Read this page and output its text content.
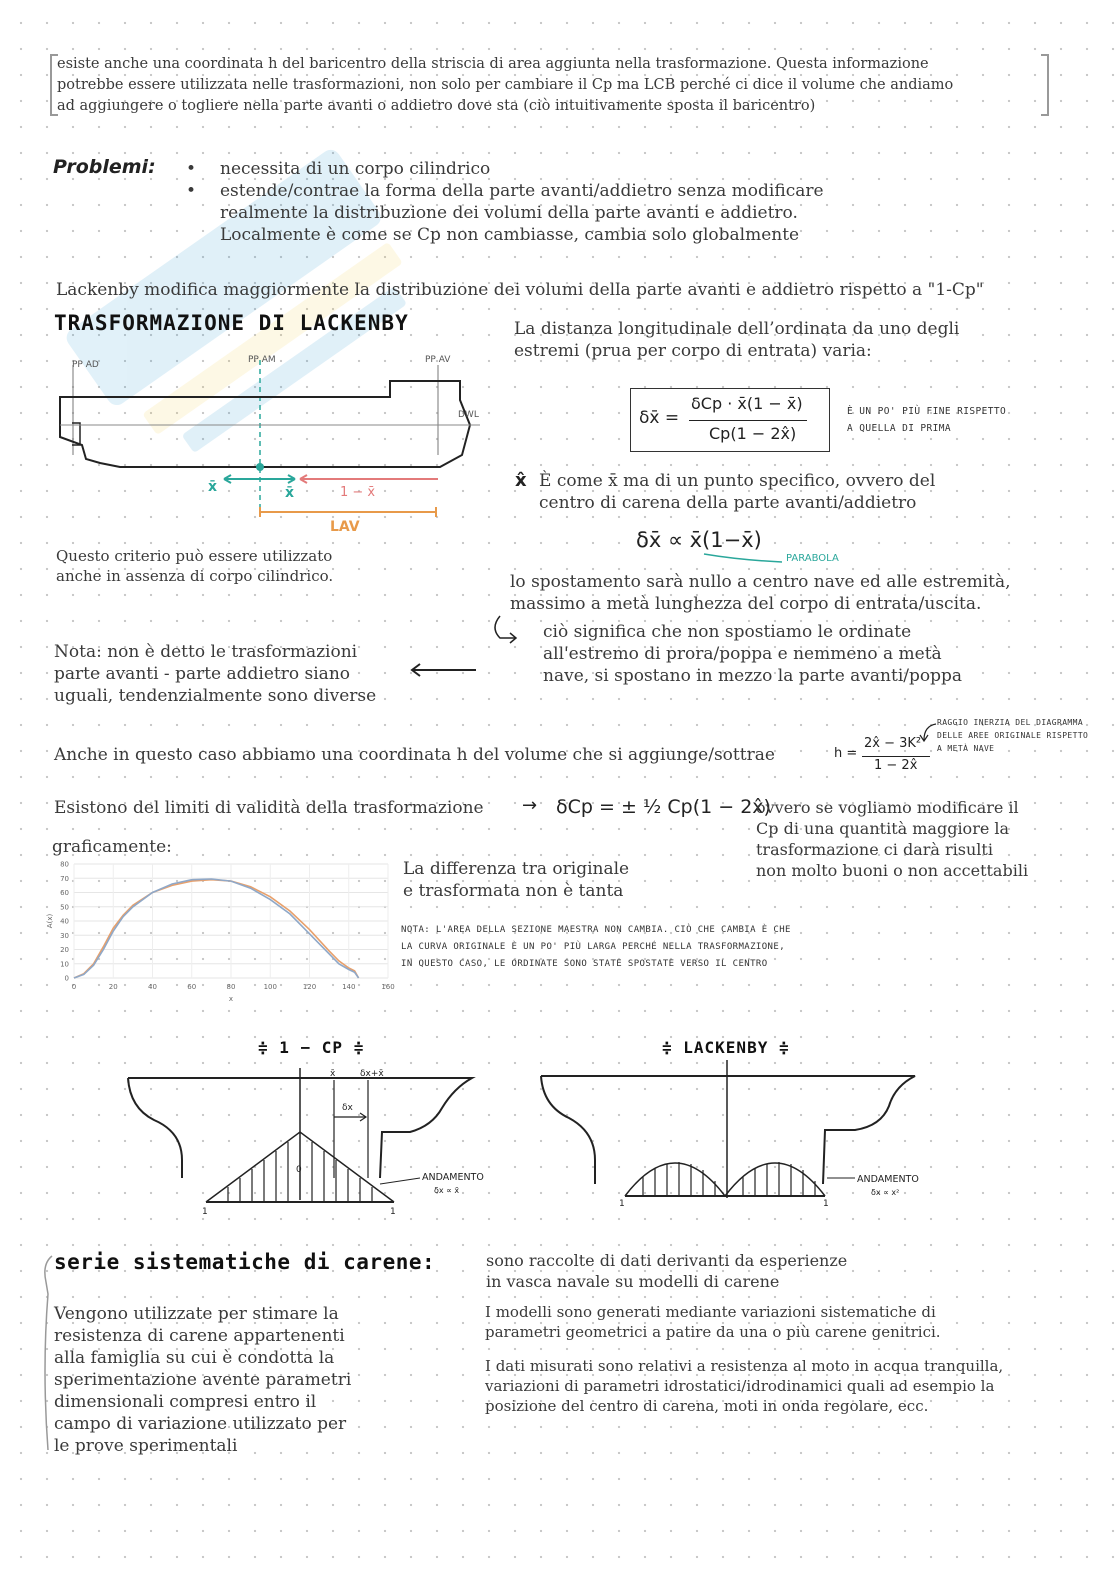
esiste anche una coordinata h del baricentro della striscia di area aggiunta nella trasformazione. Questa informazione
potrebbe essere utilizzata nelle trasformazioni, non solo per cambiare il Cp ma LCB perché ci dice il volume che andiamo
ad aggiungere o togliere nella parte avanti o addietro dove sta (ciò intuitivamente sposta il baricentro)
Problemi: • necessita di un corpo cilindrico
• estende/contrae la forma della parte avanti/addietro senza modificare
realmente la distribuzione dei volumi della parte avanti e addietro.
Localmente è come se Cp non cambiasse, cambia solo globalmente
Lackenby modifica maggiormente la distribuzione dei volumi della parte avanti e addietro rispetto a "1-Cp"
TRASFORMAZIONE DI LACKENBY
PP AD	PP AM	PP AV
DWL
x̄	x̄	1 − x̄
LAV
La distanza longitudinale dell’ordinata da uno degli
estremi (prua per corpo di entrata) varia:
δx̄ =
δCp · x̄(1 − x̄)
Cp(1 − 2x̂)
È UN PO' PIÙ FINE RISPETTO
A QUELLA DI PRIMA
x̂ È come x̄ ma di un punto specifico, ovvero del
centro di carena della parte avanti/addietro
δx̄ ∝ x̄(1−x̄)
PARABOLA
Questo criterio può essere utilizzato
anche in assenza di corpo cilindrico.	lo spostamento sarà nullo a centro nave ed alle estremità,
massimo a metà lunghezza del corpo di entrata/uscita.
ciò significa che non spostiamo le ordinate
all'estremo di prora/poppa e nemmeno a metà
nave, si spostano in mezzo la parte avanti/poppa
Nota: non è detto le trasformazioni
parte avanti - parte addietro siano
uguali, tendenzialmente sono diverse
Anche in questo caso abbiamo una coordinata h del volume che si aggiunge/sottrae	h =
2x̂ − 3K²
1 − 2x̂
RAGGIO INERZIA DEL DIAGRAMMA
DELLE AREE ORIGINALE RISPETTO
A METÀ NAVE
Esistono del limiti di validità della trasformazione → δCp = ± ½ Cp(1 − 2x̂)
ovvero se vogliamo modificare il
Cp di una quantità maggiore la
trasformazione ci darà risulti
non molto buoni o non accettabili
graficamente:
0
10
20
30
40
50
60
70
80
0	20	40	60	80	100	120	140	160
x
A(x)
La differenza tra originale
e trasformata non è tanta
NOTA: L'AREA DELLA SEZIONE MAESTRA NON CAMBIA. CIÒ CHE CAMBIA È CHE
LA CURVA ORIGINALE È UN PO' PIÙ LARGA PERCHÉ NELLA TRASFORMAZIONE,
IN QUESTO CASO, LE ORDINATE SONO STATE SPOSTATE VERSO IL CENTRO
≑ 1 − CP ≑	≑ LACKENBY ≑
x̄	δx+x̄
δx
0
1	1
ANDAMENTO
δx ∝ x̄
1	1
ANDAMENTO
δx ∝ x²
serie sistematiche di carene:	sono raccolte di dati derivanti da esperienze
in vasca navale su modelli di carene
I modelli sono generati mediante variazioni sistematiche di
parametri geometrici a patire da una o più carene genitrici.
I dati misurati sono relativi a resistenza al moto in acqua tranquilla,
variazioni di parametri idrostatici/idrodinamici quali ad esempio la
posizione del centro di carena, moti in onda regolare, ecc.
Vengono utilizzate per stimare la
resistenza di carene appartenenti
alla famiglia su cui è condotta la
sperimentazione avente parametri
dimensionali compresi entro il
campo di variazione utilizzato per
le prove sperimentali
